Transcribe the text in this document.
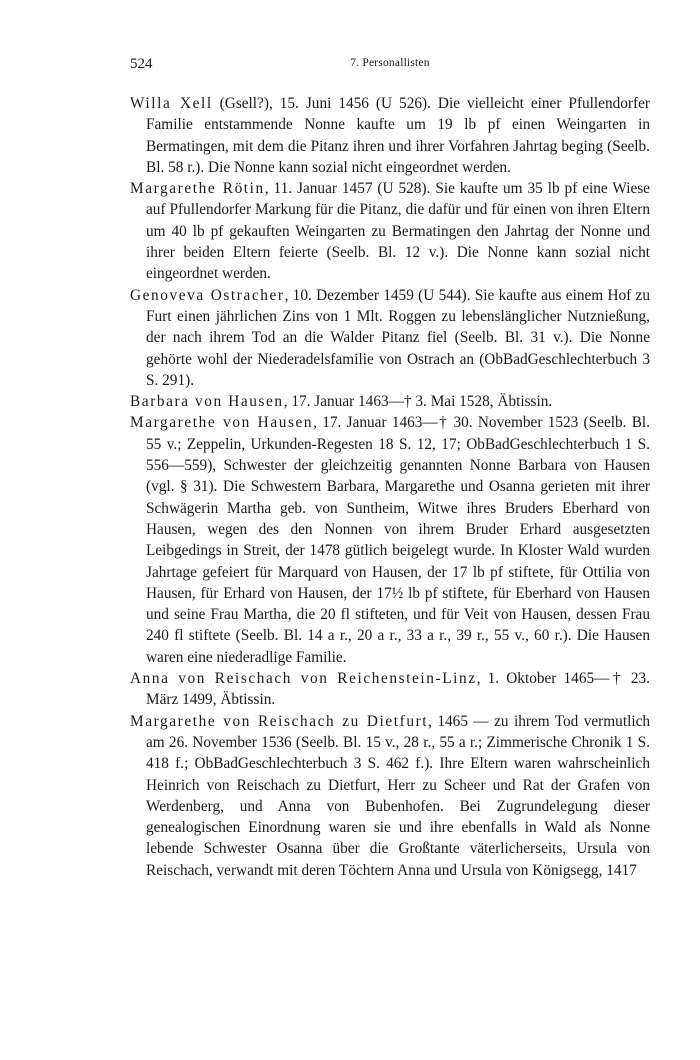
524	7. Personallisten

Willa Xell (Gsell?), 15. Juni 1456 (U 526). Die vielleicht einer Pfullendorfer Familie entstammende Nonne kaufte um 19 lb pf einen Weingarten in Bermatingen, mit dem die Pitanz ihren und ihrer Vorfahren Jahrtag beging (Seelb. Bl. 58 r.). Die Nonne kann sozial nicht eingeordnet werden.

Margarethe Rötin, 11. Januar 1457 (U 528). Sie kaufte um 35 lb pf eine Wiese auf Pfullendorfer Markung für die Pitanz, die dafür und für einen von ihren Eltern um 40 lb pf gekauften Weingarten zu Bermatingen den Jahrtag der Nonne und ihrer beiden Eltern feierte (Seelb. Bl. 12 v.). Die Nonne kann sozial nicht eingeordnet werden.

Genoveva Ostracher, 10. Dezember 1459 (U 544). Sie kaufte aus einem Hof zu Furt einen jährlichen Zins von 1 Mlt. Roggen zu lebenslänglicher Nutznießung, der nach ihrem Tod an die Walder Pitanz fiel (Seelb. Bl. 31 v.). Die Nonne gehörte wohl der Niederadelsfamilie von Ostrach an (ObBadGeschlechterbuch 3 S. 291).

Barbara von Hausen, 17. Januar 1463—† 3. Mai 1528, Äbtissin.

Margarethe von Hausen, 17. Januar 1463—† 30. November 1523 (Seelb. Bl. 55 v.; Zeppelin, Urkunden-Regesten 18 S. 12, 17; ObBadGeschlechterbuch 1 S. 556—559), Schwester der gleichzeitig genannten Nonne Barbara von Hausen (vgl. § 31). Die Schwestern Barbara, Margarethe und Osanna gerieten mit ihrer Schwägerin Martha geb. von Suntheim, Witwe ihres Bruders Eberhard von Hausen, wegen des den Nonnen von ihrem Bruder Erhard ausgesetzten Leibgedings in Streit, der 1478 gütlich beigelegt wurde. In Kloster Wald wurden Jahrtage gefeiert für Marquard von Hausen, der 17 lb pf stiftete, für Ottilia von Hausen, für Erhard von Hausen, der 17½ lb pf stiftete, für Eberhard von Hausen und seine Frau Martha, die 20 fl stifteten, und für Veit von Hausen, dessen Frau 240 fl stiftete (Seelb. Bl. 14 a r., 20 a r., 33 a r., 39 r., 55 v., 60 r.). Die Hausen waren eine niederadlige Familie.

Anna von Reischach von Reichenstein-Linz, 1. Oktober 1465—† 23. März 1499, Äbtissin.

Margarethe von Reischach zu Dietfurt, 1465 — zu ihrem Tod vermutlich am 26. November 1536 (Seelb. Bl. 15 v., 28 r., 55 a r.; Zimmerische Chronik 1 S. 418 f.; ObBadGeschlechterbuch 3 S. 462 f.). Ihre Eltern waren wahrscheinlich Heinrich von Reischach zu Dietfurt, Herr zu Scheer und Rat der Grafen von Werdenberg, und Anna von Bubenhofen. Bei Zugrundelegung dieser genealogischen Einordnung waren sie und ihre ebenfalls in Wald als Nonne lebende Schwester Osanna über die Großtante väterlicherseits, Ursula von Reischach, verwandt mit deren Töchtern Anna und Ursula von Königsegg, 1417
